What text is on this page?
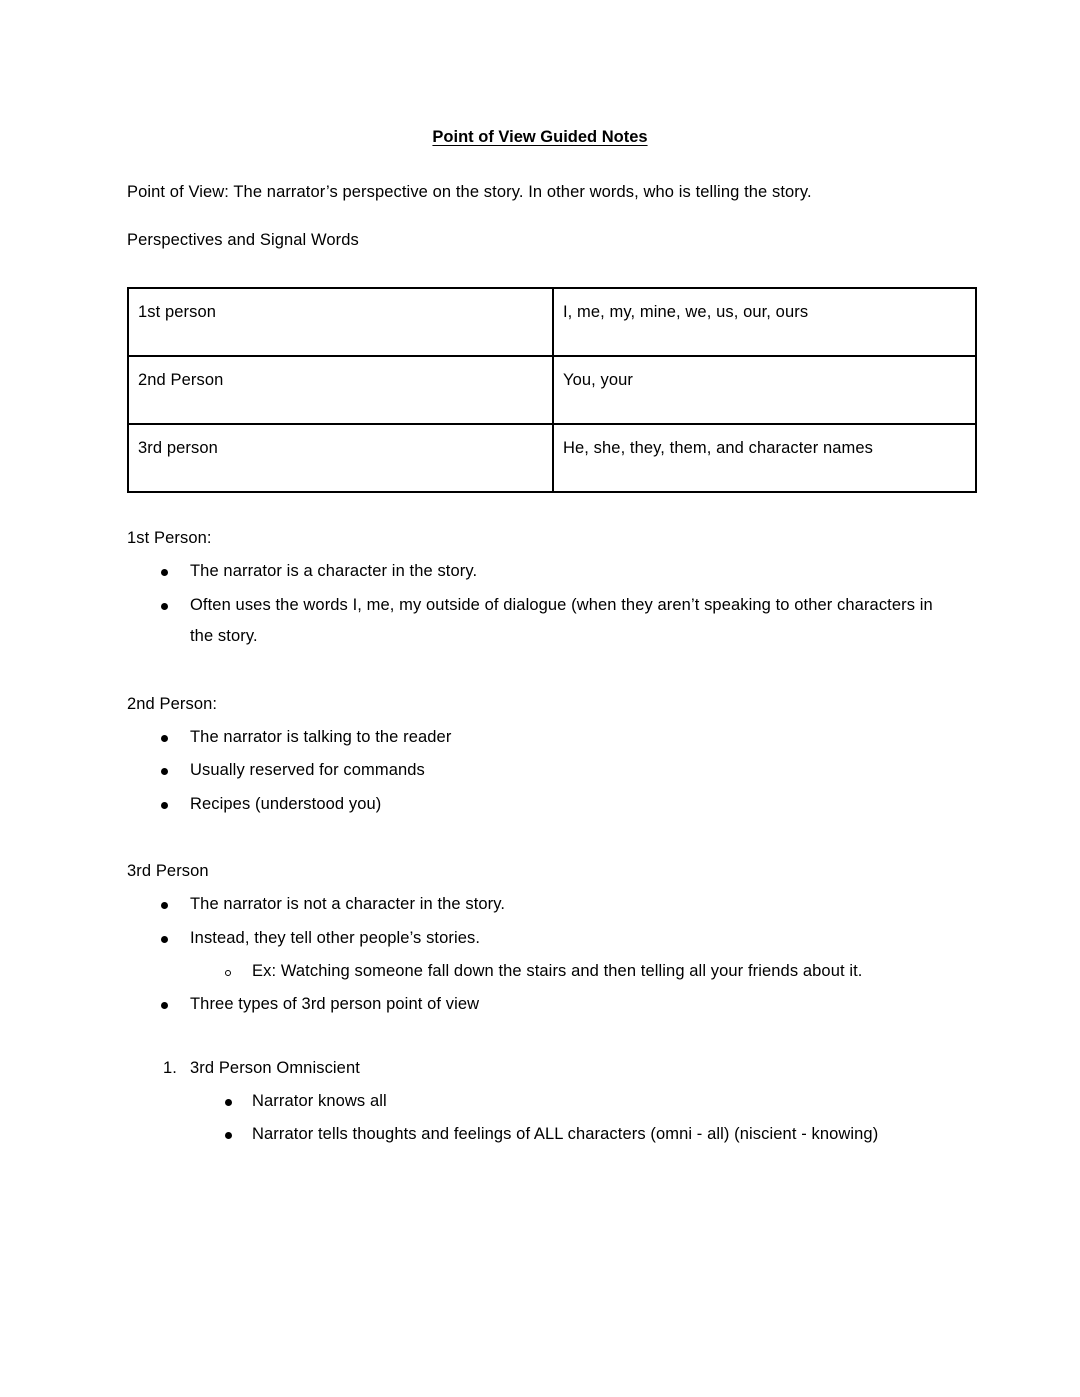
Point of View Guided Notes

Point of View: The narrator’s perspective on the story. In other words, who is telling the story.

Perspectives and Signal Words

1st person	I, me, my, mine, we, us, our, ours
2nd Person	You, your
3rd person	He, she, they, them, and character names

1st Person:

The narrator is a character in the story.
Often uses the words I, me, my outside of dialogue (when they aren’t speaking to other characters in the story.

2nd Person:

The narrator is talking to the reader
Usually reserved for commands
Recipes (understood you)

3rd Person

The narrator is not a character in the story.
Instead, they tell other people’s stories.
Ex: Watching someone fall down the stairs and then telling all your friends about it.
Three types of 3rd person point of view
1. 3rd Person Omniscient
Narrator knows all
Narrator tells thoughts and feelings of ALL characters (omni - all) (niscient - knowing)
